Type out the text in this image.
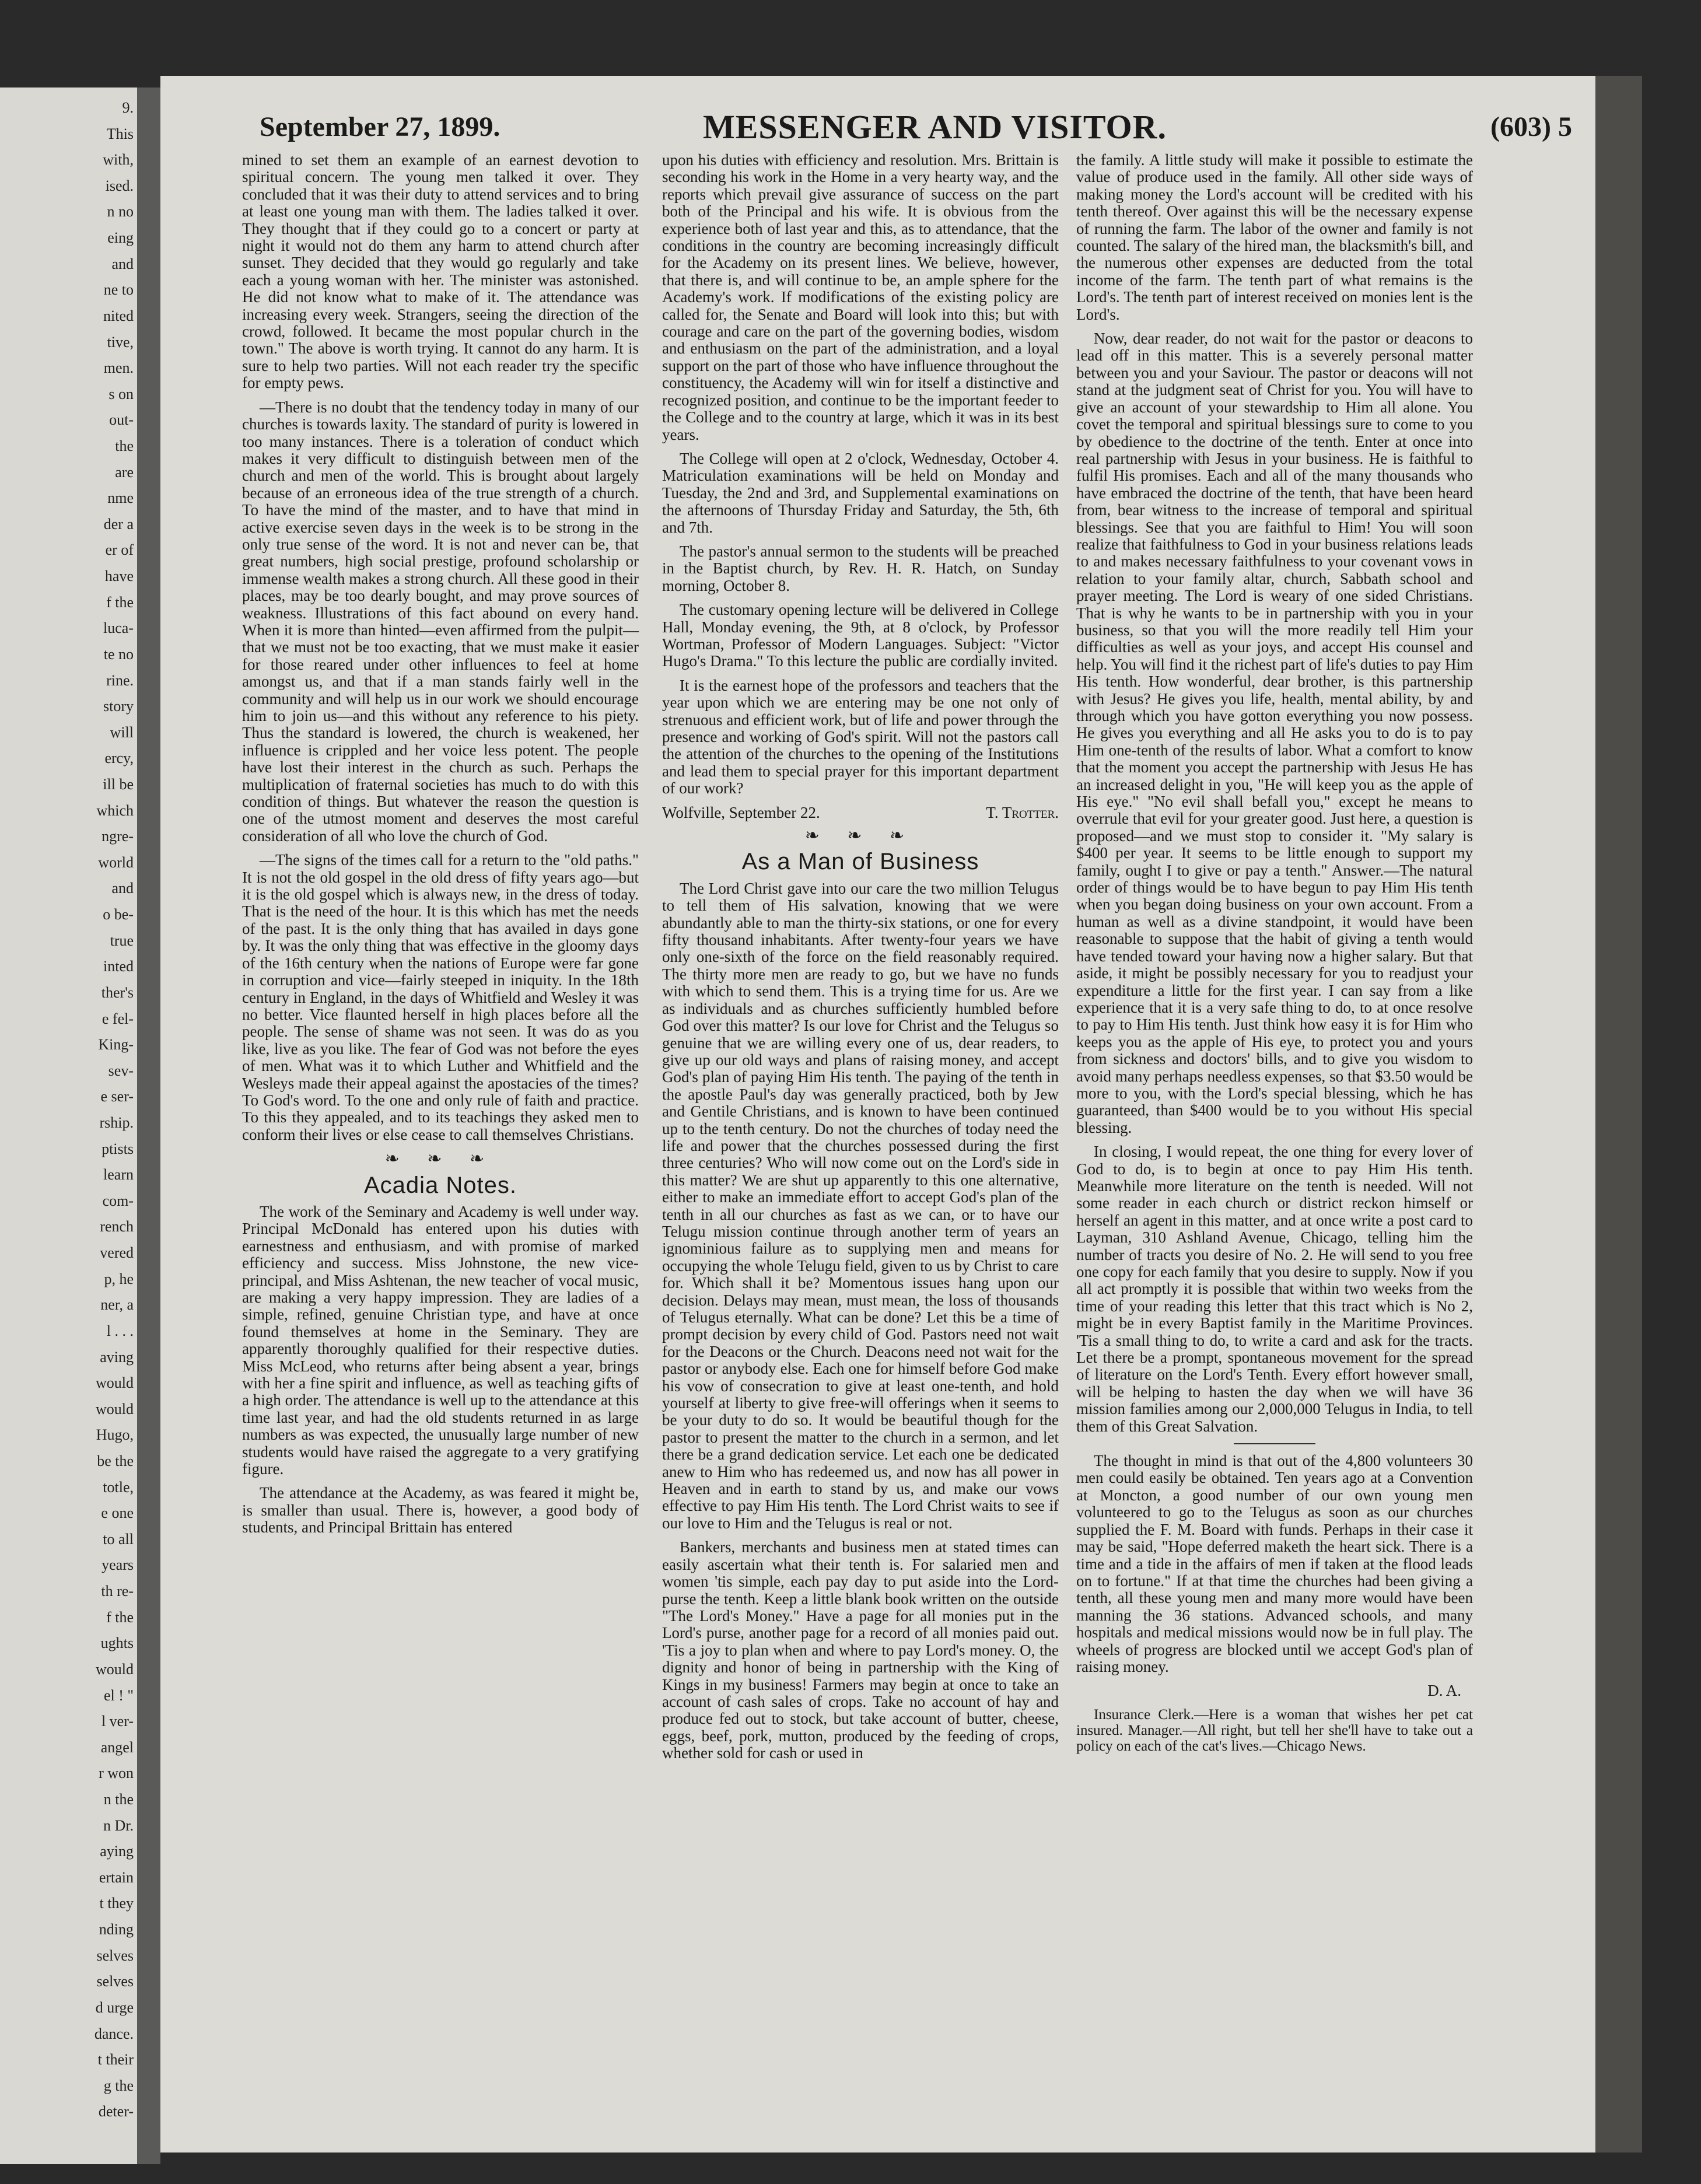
9.
This
with,
ised.
n no
eing
and
ne to
nited
tive,
men.
s on
out-
the
are
nme
der a
er of
have
f the
luca-
te no
rine.
story
will
ercy,
ill be
which
ngre-
world
and
o be-
true
inted
ther's
e fel-
King-
sev-
e ser-
rship.
ptists
learn
com-
rench
vered
p, he
ner, a
l . . .
aving
would
would
Hugo,
be the
totle,
e one
to all
years
th re-
f the
ughts
would
el ! "
l ver-
angel
r won
n the
n Dr.
aying
ertain
t they
nding
selves
selves
d urge
dance.
t their
g the
deter-
September 27, 1899.	MESSENGER AND VISITOR.	(603) 5

mined to set them an example of an earnest devotion to spiritual concern. The young men talked it over. They concluded that it was their duty to attend services and to bring at least one young man with them. The ladies talked it over. They thought that if they could go to a concert or party at night it would not do them any harm to attend church after sunset. They decided that they would go regularly and take each a young woman with her. The minister was astonished. He did not know what to make of it. The attendance was increasing every week. Strangers, seeing the direction of the crowd, followed. It became the most popular church in the town." The above is worth trying. It cannot do any harm. It is sure to help two parties. Will not each reader try the specific for empty pews.

—There is no doubt that the tendency today in many of our churches is towards laxity. The standard of purity is lowered in too many instances. There is a toleration of conduct which makes it very difficult to distinguish between men of the church and men of the world. This is brought about largely because of an erroneous idea of the true strength of a church. To have the mind of the master, and to have that mind in active exercise seven days in the week is to be strong in the only true sense of the word. It is not and never can be, that great numbers, high social prestige, profound scholarship or immense wealth makes a strong church. All these good in their places, may be too dearly bought, and may prove sources of weakness. Illustrations of this fact abound on every hand. When it is more than hinted—even affirmed from the pulpit—that we must not be too exacting, that we must make it easier for those reared under other influences to feel at home amongst us, and that if a man stands fairly well in the community and will help us in our work we should encourage him to join us—and this without any reference to his piety. Thus the standard is lowered, the church is weakened, her influence is crippled and her voice less potent. The people have lost their interest in the church as such. Perhaps the multiplication of fraternal societies has much to do with this condition of things. But whatever the reason the question is one of the utmost moment and deserves the most careful consideration of all who love the church of God.

—The signs of the times call for a return to the "old paths." It is not the old gospel in the old dress of fifty years ago—but it is the old gospel which is always new, in the dress of today. That is the need of the hour. It is this which has met the needs of the past. It is the only thing that has availed in days gone by. It was the only thing that was effective in the gloomy days of the 16th century when the nations of Europe were far gone in corruption and vice—fairly steeped in iniquity. In the 18th century in England, in the days of Whitfield and Wesley it was no better. Vice flaunted herself in high places before all the people. The sense of shame was not seen. It was do as you like, live as you like. The fear of God was not before the eyes of men. What was it to which Luther and Whitfield and the Wesleys made their appeal against the apostacies of the times? To God's word. To the one and only rule of faith and practice. To this they appealed, and to its teachings they asked men to conform their lives or else cease to call themselves Christians.

❧ ❧ ❧
Acadia Notes.

The work of the Seminary and Academy is well under way. Principal McDonald has entered upon his duties with earnestness and enthusiasm, and with promise of marked efficiency and success. Miss Johnstone, the new vice-principal, and Miss Ashtenan, the new teacher of vocal music, are making a very happy impression. They are ladies of a simple, refined, genuine Christian type, and have at once found themselves at home in the Seminary. They are apparently thoroughly qualified for their respective duties. Miss McLeod, who returns after being absent a year, brings with her a fine spirit and influence, as well as teaching gifts of a high order. The attendance is well up to the attendance at this time last year, and had the old students returned in as large numbers as was expected, the unusually large number of new students would have raised the aggregate to a very gratifying figure.

The attendance at the Academy, as was feared it might be, is smaller than usual. There is, however, a good body of students, and Principal Brittain has entered

upon his duties with efficiency and resolution. Mrs. Brittain is seconding his work in the Home in a very hearty way, and the reports which prevail give assurance of success on the part both of the Principal and his wife. It is obvious from the experience both of last year and this, as to attendance, that the conditions in the country are becoming increasingly difficult for the Academy on its present lines. We believe, however, that there is, and will continue to be, an ample sphere for the Academy's work. If modifications of the existing policy are called for, the Senate and Board will look into this; but with courage and care on the part of the governing bodies, wisdom and enthusiasm on the part of the administration, and a loyal support on the part of those who have influence throughout the constituency, the Academy will win for itself a distinctive and recognized position, and continue to be the important feeder to the College and to the country at large, which it was in its best years.

The College will open at 2 o'clock, Wednesday, October 4. Matriculation examinations will be held on Monday and Tuesday, the 2nd and 3rd, and Supplemental examinations on the afternoons of Thursday Friday and Saturday, the 5th, 6th and 7th.

The pastor's annual sermon to the students will be preached in the Baptist church, by Rev. H. R. Hatch, on Sunday morning, October 8.

The customary opening lecture will be delivered in College Hall, Monday evening, the 9th, at 8 o'clock, by Professor Wortman, Professor of Modern Languages. Subject: "Victor Hugo's Drama." To this lecture the public are cordially invited.

It is the earnest hope of the professors and teachers that the year upon which we are entering may be one not only of strenuous and efficient work, but of life and power through the presence and working of God's spirit. Will not the pastors call the attention of the churches to the opening of the Institutions and lead them to special prayer for this important department of our work?

Wolfville, September 22.	T. Trotter.
❧ ❧ ❧
As a Man of Business

The Lord Christ gave into our care the two million Telugus to tell them of His salvation, knowing that we were abundantly able to man the thirty-six stations, or one for every fifty thousand inhabitants. After twenty-four years we have only one-sixth of the force on the field reasonably required. The thirty more men are ready to go, but we have no funds with which to send them. This is a trying time for us. Are we as individuals and as churches sufficiently humbled before God over this matter? Is our love for Christ and the Telugus so genuine that we are willing every one of us, dear readers, to give up our old ways and plans of raising money, and accept God's plan of paying Him His tenth. The paying of the tenth in the apostle Paul's day was generally practiced, both by Jew and Gentile Christians, and is known to have been continued up to the tenth century. Do not the churches of today need the life and power that the churches possessed during the first three centuries? Who will now come out on the Lord's side in this matter? We are shut up apparently to this one alternative, either to make an immediate effort to accept God's plan of the tenth in all our churches as fast as we can, or to have our Telugu mission continue through another term of years an ignominious failure as to supplying men and means for occupying the whole Telugu field, given to us by Christ to care for. Which shall it be? Momentous issues hang upon our decision. Delays may mean, must mean, the loss of thousands of Telugus eternally. What can be done? Let this be a time of prompt decision by every child of God. Pastors need not wait for the Deacons or the Church. Deacons need not wait for the pastor or anybody else. Each one for himself before God make his vow of consecration to give at least one-tenth, and hold yourself at liberty to give free-will offerings when it seems to be your duty to do so. It would be beautiful though for the pastor to present the matter to the church in a sermon, and let there be a grand dedication service. Let each one be dedicated anew to Him who has redeemed us, and now has all power in Heaven and in earth to stand by us, and make our vows effective to pay Him His tenth. The Lord Christ waits to see if our love to Him and the Telugus is real or not.

Bankers, merchants and business men at stated times can easily ascertain what their tenth is. For salaried men and women 'tis simple, each pay day to put aside into the Lord-purse the tenth. Keep a little blank book written on the outside "The Lord's Money." Have a page for all monies put in the Lord's purse, another page for a record of all monies paid out. 'Tis a joy to plan when and where to pay Lord's money. O, the dignity and honor of being in partnership with the King of Kings in my business! Farmers may begin at once to take an account of cash sales of crops. Take no account of hay and produce fed out to stock, but take account of butter, cheese, eggs, beef, pork, mutton, produced by the feeding of crops, whether sold for cash or used in

the family. A little study will make it possible to estimate the value of produce used in the family. All other side ways of making money the Lord's account will be credited with his tenth thereof. Over against this will be the necessary expense of running the farm. The labor of the owner and family is not counted. The salary of the hired man, the blacksmith's bill, and the numerous other expenses are deducted from the total income of the farm. The tenth part of what remains is the Lord's. The tenth part of interest received on monies lent is the Lord's.

Now, dear reader, do not wait for the pastor or deacons to lead off in this matter. This is a severely personal matter between you and your Saviour. The pastor or deacons will not stand at the judgment seat of Christ for you. You will have to give an account of your stewardship to Him all alone. You covet the temporal and spiritual blessings sure to come to you by obedience to the doctrine of the tenth. Enter at once into real partnership with Jesus in your business. He is faithful to fulfil His promises. Each and all of the many thousands who have embraced the doctrine of the tenth, that have been heard from, bear witness to the increase of temporal and spiritual blessings. See that you are faithful to Him! You will soon realize that faithfulness to God in your business relations leads to and makes necessary faithfulness to your covenant vows in relation to your family altar, church, Sabbath school and prayer meeting. The Lord is weary of one sided Christians. That is why he wants to be in partnership with you in your business, so that you will the more readily tell Him your difficulties as well as your joys, and accept His counsel and help. You will find it the richest part of life's duties to pay Him His tenth. How wonderful, dear brother, is this partnership with Jesus? He gives you life, health, mental ability, by and through which you have gotton everything you now possess. He gives you everything and all He asks you to do is to pay Him one-tenth of the results of labor. What a comfort to know that the moment you accept the partnership with Jesus He has an increased delight in you, "He will keep you as the apple of His eye." "No evil shall befall you," except he means to overrule that evil for your greater good. Just here, a question is proposed—and we must stop to consider it. "My salary is $400 per year. It seems to be little enough to support my family, ought I to give or pay a tenth." Answer.—The natural order of things would be to have begun to pay Him His tenth when you began doing business on your own account. From a human as well as a divine standpoint, it would have been reasonable to suppose that the habit of giving a tenth would have tended toward your having now a higher salary. But that aside, it might be possibly necessary for you to readjust your expenditure a little for the first year. I can say from a like experience that it is a very safe thing to do, to at once resolve to pay to Him His tenth. Just think how easy it is for Him who keeps you as the apple of His eye, to protect you and yours from sickness and doctors' bills, and to give you wisdom to avoid many perhaps needless expenses, so that $3.50 would be more to you, with the Lord's special blessing, which he has guaranteed, than $400 would be to you without His special blessing.

In closing, I would repeat, the one thing for every lover of God to do, is to begin at once to pay Him His tenth. Meanwhile more literature on the tenth is needed. Will not some reader in each church or district reckon himself or herself an agent in this matter, and at once write a post card to Layman, 310 Ashland Avenue, Chicago, telling him the number of tracts you desire of No. 2. He will send to you free one copy for each family that you desire to supply. Now if you all act promptly it is possible that within two weeks from the time of your reading this letter that this tract which is No 2, might be in every Baptist family in the Maritime Provinces. 'Tis a small thing to do, to write a card and ask for the tracts. Let there be a prompt, spontaneous movement for the spread of literature on the Lord's Tenth. Every effort however small, will be helping to hasten the day when we will have 36 mission families among our 2,000,000 Telugus in India, to tell them of this Great Salvation.

The thought in mind is that out of the 4,800 volunteers 30 men could easily be obtained. Ten years ago at a Convention at Moncton, a good number of our own young men volunteered to go to the Telugus as soon as our churches supplied the F. M. Board with funds. Perhaps in their case it may be said, "Hope deferred maketh the heart sick. There is a time and a tide in the affairs of men if taken at the flood leads on to fortune." If at that time the churches had been giving a tenth, all these young men and many more would have been manning the 36 stations. Advanced schools, and many hospitals and medical missions would now be in full play. The wheels of progress are blocked until we accept God's plan of raising money.

D. A.

Insurance Clerk.—Here is a woman that wishes her pet cat insured. Manager.—All right, but tell her she'll have to take out a policy on each of the cat's lives.—Chicago News.
